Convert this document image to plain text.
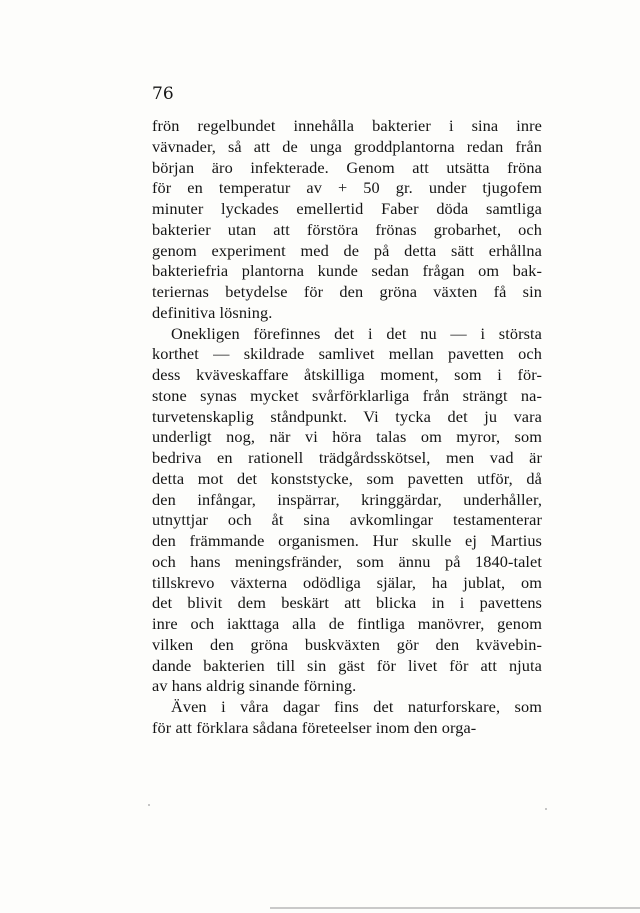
76
frön regelbundet innehålla bakterier i sina inre
vävnader, så att de unga groddplantorna redan från
början äro infekterade. Genom att utsätta fröna
för en temperatur av + 50 gr. under tjugofem
minuter lyckades emellertid Faber döda samtliga
bakterier utan att förstöra frönas grobarhet, och
genom experiment med de på detta sätt erhållna
bakteriefria plantorna kunde sedan frågan om bak-
teriernas betydelse för den gröna växten få sin
definitiva lösning.
Onekligen förefinnes det i det nu — i största
korthet — skildrade samlivet mellan pavetten och
dess kväveskaffare åtskilliga moment, som i för-
stone synas mycket svårförklarliga från strängt na-
turvetenskaplig ståndpunkt. Vi tycka det ju vara
underligt nog, när vi höra talas om myror, som
bedriva en rationell trädgårdsskötsel, men vad är
detta mot det konststycke, som pavetten utför, då
den infångar, inspärrar, kringgärdar, underhåller,
utnyttjar och åt sina avkomlingar testamenterar
den främmande organismen. Hur skulle ej Martius
och hans meningsfränder, som ännu på 1840-talet
tillskrevo växterna odödliga själar, ha jublat, om
det blivit dem beskärt att blicka in i pavettens
inre och iakttaga alla de fintliga manövrer, genom
vilken den gröna buskväxten gör den kvävebin-
dande bakterien till sin gäst för livet för att njuta
av hans aldrig sinande förning.
Även i våra dagar fins det naturforskare, som
för att förklara sådana företeelser inom den orga-
